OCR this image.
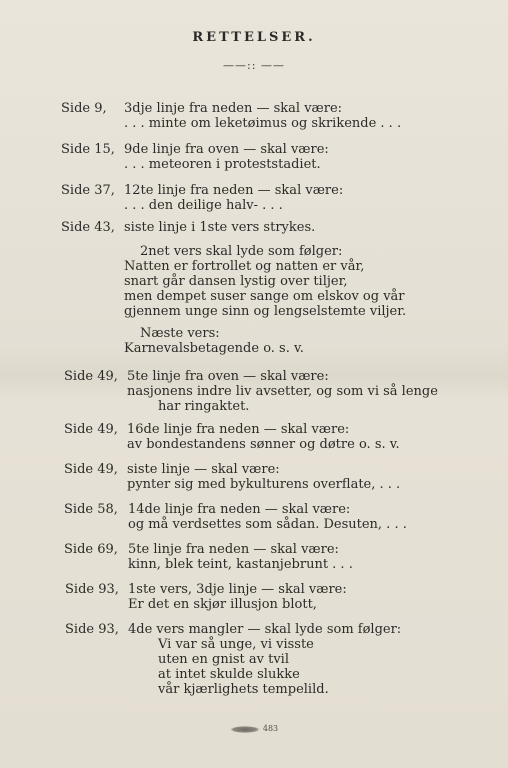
RETTELSER.
——:: ——
Side 9, 3dje linje fra neden — skal være:
. . . minte om leketøimus og skrikende . . .
Side 15, 9de linje fra oven — skal være:
. . . meteoren i proteststadiet.
Side 37, 12te linje fra neden — skal være:
. . . den deilige halv- . . .
Side 43, siste linje i 1ste vers strykes.
2net vers skal lyde som følger:
Natten er fortrollet og natten er vår,
snart går dansen lystig over tiljer,
men dempet suser sange om elskov og vår
gjennem unge sinn og lengselstemte viljer.
Næste vers:
Karnevalsbetagende o. s. v.
Side 49, 5te linje fra oven — skal være:
nasjonens indre liv avsetter, og som vi så lenge
har ringaktet.
Side 49, 16de linje fra neden — skal være:
av bondestandens sønner og døtre o. s. v.
Side 49, siste linje — skal være:
pynter sig med bykulturens overflate, . . .
Side 58, 14de linje fra neden — skal være:
og må verdsettes som sådan. Desuten, . . .
Side 69, 5te linje fra neden — skal være:
kinn, blek teint, kastanjebrunt . . .
Side 93, 1ste vers, 3dje linje — skal være:
Er det en skjør illusjon blott,
Side 93, 4de vers mangler — skal lyde som følger:
Vi var så unge, vi visste
uten en gnist av tvil
at intet skulde slukke
vår kjærlighets tempelild.
483
